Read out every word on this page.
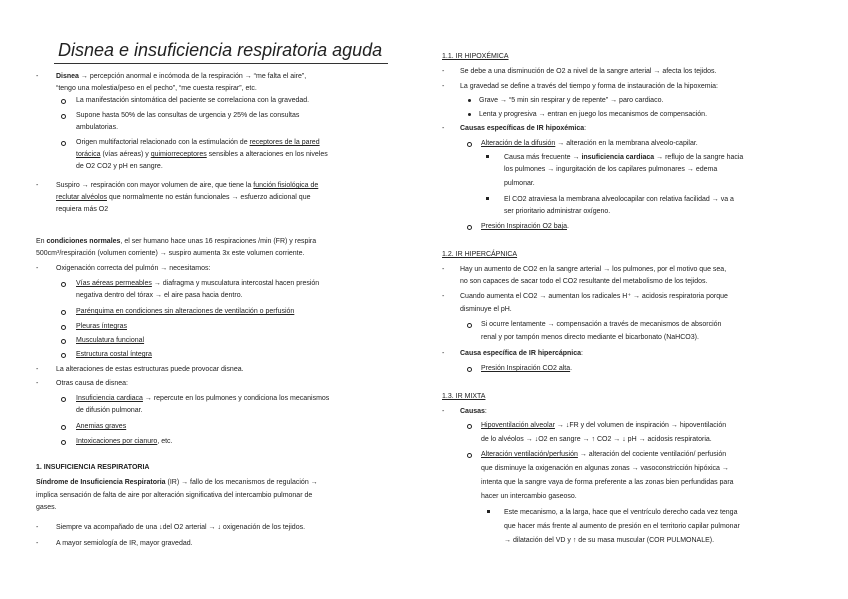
Disnea e insuficiencia respiratoria aguda
-	Disnea → percepción anormal e incómoda de la respiración → “me falta el aire”,
“tengo una molestia/peso en el pecho”, “me cuesta respirar”, etc.
La manifestación sintomática del paciente se correlaciona con la gravedad.
Supone hasta 50% de las consultas de urgencia y 25% de las consultas
ambulatorias.
Origen multifactorial relacionado con la estimulación de receptores de la pared
torácica (vías aéreas) y quimiorreceptores sensibles a alteraciones en los niveles
de O2 CO2 y pH en sangre.
-	Suspiro → respiración con mayor volumen de aire, que tiene la función fisiológica de
reclutar alvéolos que normalmente no están funcionales → esfuerzo adicional que
requiera más O2
En condiciones normales, el ser humano hace unas 16 respiraciones /min (FR) y respira
500cm³/respiración (volumen corriente) → suspiro aumenta 3x este volumen corriente.
-	Oxigenación correcta del pulmón → necesitamos:
Vías aéreas permeables → diafragma y musculatura intercostal hacen presión
negativa dentro del tórax → el aire pasa hacia dentro.
Parénquima en condiciones sin alteraciones de ventilación o perfusión
Pleuras íntegras
Musculatura funcional
Estructura costal íntegra
-	La alteraciones de estas estructuras puede provocar disnea.
-	Otras causa de disnea:
Insuficiencia cardiaca → repercute en los pulmones y condiciona los mecanismos
de difusión pulmonar.
Anemias graves
Intoxicaciones por cianuro, etc.
1. INSUFICIENCIA RESPIRATORIA
Síndrome de Insuficiencia Respiratoria (IR) → fallo de los mecanismos de regulación →
implica sensación de falta de aire por alteración significativa del intercambio pulmonar de
gases.
-	Siempre va acompañado de una ↓del O2 arterial → ↓ oxigenación de los tejidos.
-	A mayor semiología de IR, mayor gravedad.
1.1. IR HIPOXÉMICA
- Se debe a una disminución de O2 a nivel de la sangre arterial → afecta los tejidos.
- La gravedad se define a través del tiempo y forma de instauración de la hipoxemia:
Grave → “5 min sin respirar y de repente” → paro cardiaco.
Lenta y progresiva → entran en juego los mecanismos de compensación.
- Causas específicas de IR hipoxémica:
Alteración de la difusión → alteración en la membrana alveolo-capilar.
Causa más frecuente → insuficiencia cardiaca → reflujo de la sangre hacia
los pulmones → ingurgitación de los capilares pulmonares → edema
pulmonar.
El CO2 atraviesa la membrana alveolocapilar con relativa facilidad → va a
ser prioritario administrar oxígeno.
Presión Inspiración O2 baja.
1.2. IR HIPERCÁPNICA
- Hay un aumento de CO2 en la sangre arterial → los pulmones, por el motivo que sea,
no son capaces de sacar todo el CO2 resultante del metabolismo de los tejidos.
- Cuando aumenta el CO2 → aumentan los radicales H⁺ → acidosis respiratoria porque
disminuye el pH.
Si ocurre lentamente → compensación a través de mecanismos de absorción
renal y por tampón menos directo mediante el bicarbonato (NaHCO3).
- Causa específica de IR hipercápnica:
Presión Inspiración CO2 alta.
1.3. IR MIXTA
- Causas:
Hipoventilación alveolar → ↓FR y del volumen de inspiración → hipoventilación
de lo alvéolos → ↓O2 en sangre → ↑ CO2 → ↓ pH → acidosis respiratoria.
Alteración ventilación/perfusión → alteración del cociente ventilación/ perfusión
que disminuye la oxigenación en algunas zonas → vasoconstricción hipóxica →
intenta que la sangre vaya de forma preferente a las zonas bien perfundidas para
hacer un intercambio gaseoso.
Este mecanismo, a la larga, hace que el ventrículo derecho cada vez tenga
que hacer más frente al aumento de presión en el territorio capilar pulmonar
→ dilatación del VD y ↑ de su masa muscular (COR PULMONALE).
